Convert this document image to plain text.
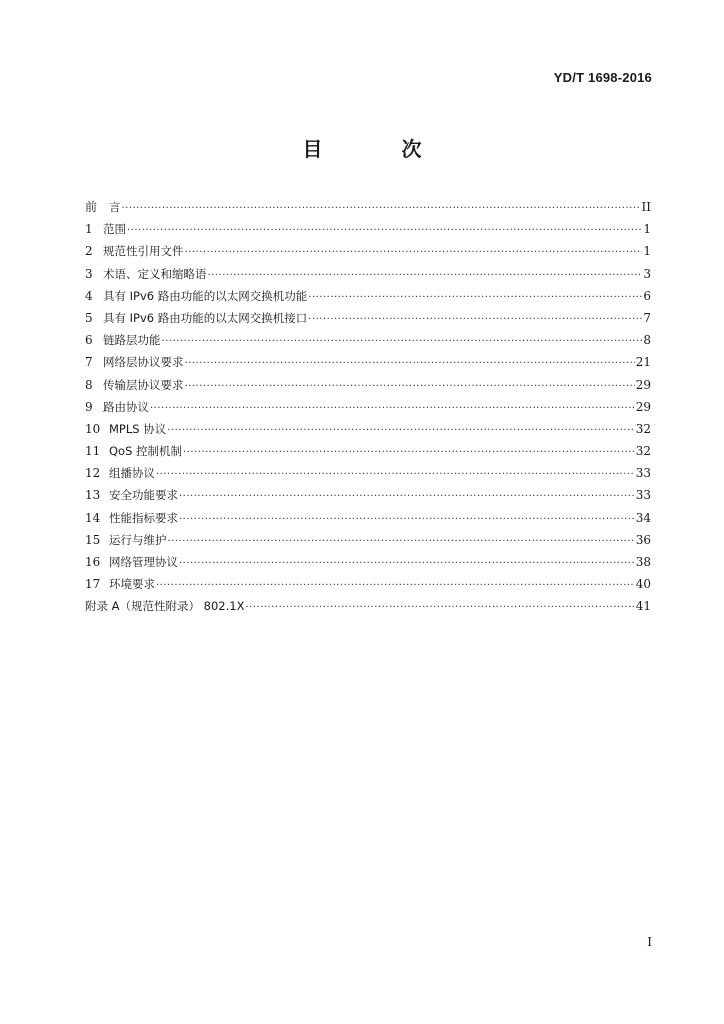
YD/T 1698-2016
目 次
前	言 ·····	II
1 范围 ·····	1
2 规范性引用文件 ·····	1
3 术语、定义和缩略语 ·····	3
4 具有 IPv6 路由功能的以太网交换机功能 ·····	6
5 具有 IPv6 路由功能的以太网交换机接口 ·····	7
6 链路层功能 ·····	8
7 网络层协议要求 ·····	21
8 传输层协议要求 ·····	29
9 路由协议 ·····	29
10 MPLS 协议 ·····	32
11 QoS 控制机制 ·····	32
12 组播协议 ·····	33
13 安全功能要求 ·····	33
14 性能指标要求 ·····	34
15 运行与维护 ·····	36
16 网络管理协议 ·····	38
17 环境要求 ·····	40
附录 A（规范性附录） 802.1X ·····	41
I
